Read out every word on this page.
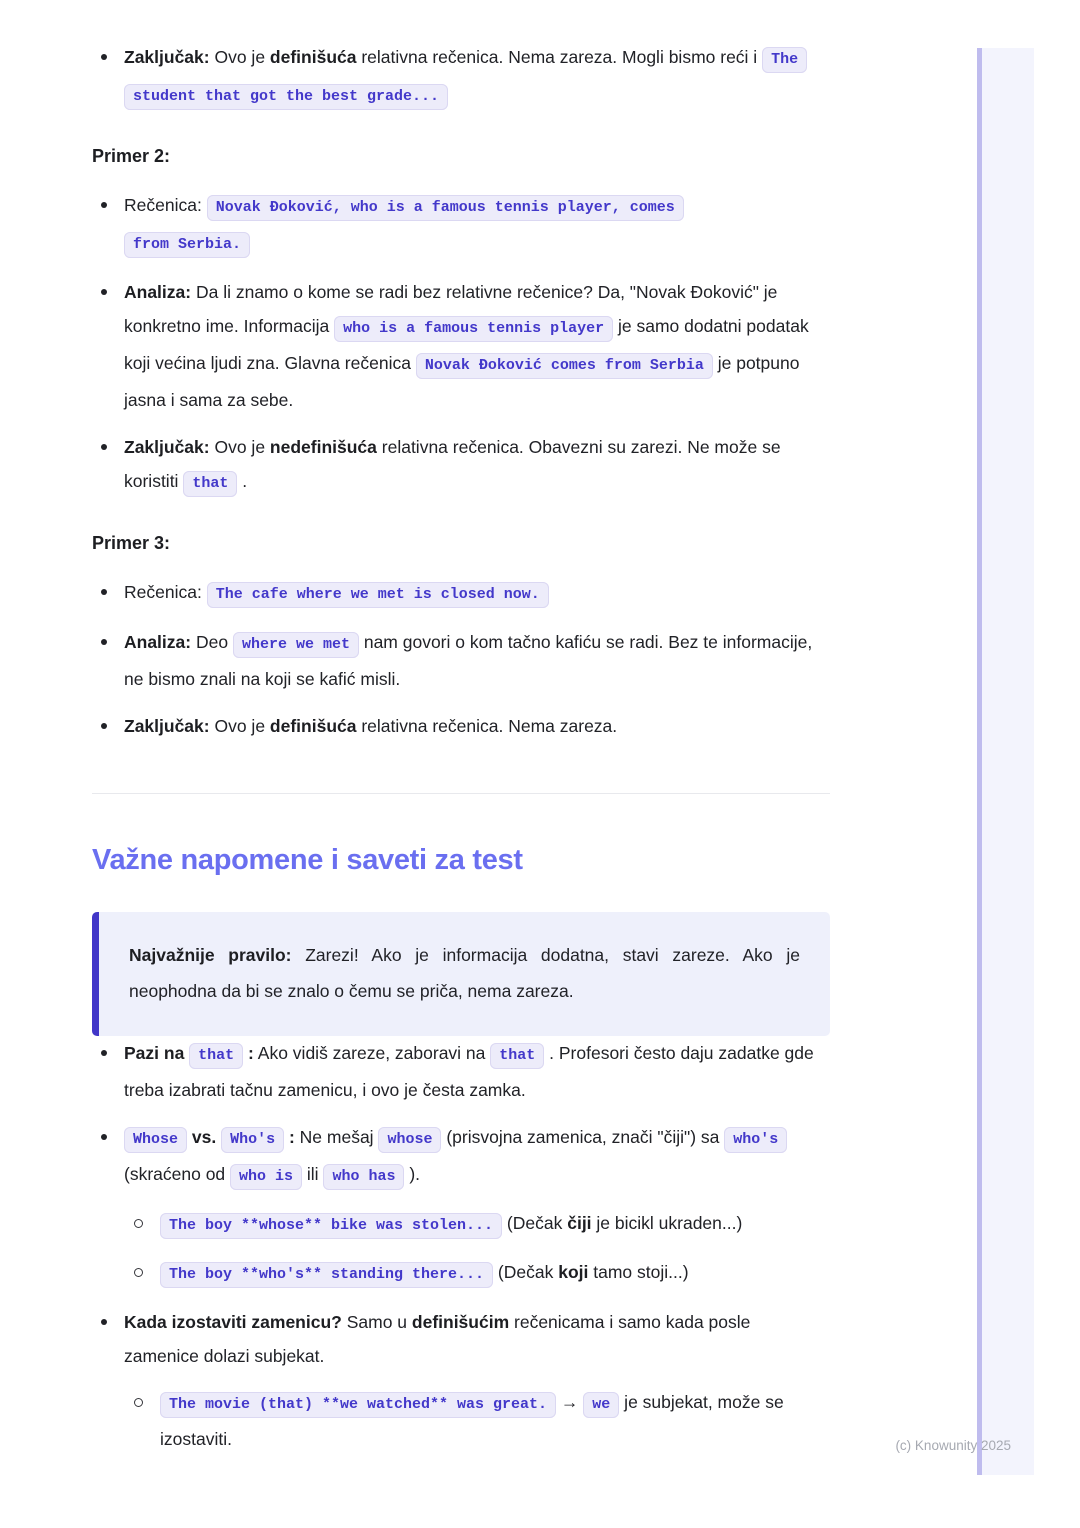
Zaključak: Ovo je definišuća relativna rečenica. Nema zareza. Mogli bismo reći i The student that got the best grade...

Primer 2:

Rečenica: Novak Đoković, who is a famous tennis player, comes
from Serbia.

Analiza: Da li znamo o kome se radi bez relativne rečenice? Da, "Novak Đoković" je konkretno ime. Informacija who is a famous tennis player je samo dodatni podatak koji većina ljudi zna. Glavna rečenica Novak Đoković comes from Serbia je potpuno jasna i sama za sebe.

Zaključak: Ovo je nedefinišuća relativna rečenica. Obavezni su zarezi. Ne može se koristiti that .

Primer 3:

Rečenica: The cafe where we met is closed now.

Analiza: Deo where we met nam govori o kom tačno kafiću se radi. Bez te informacije, ne bismo znali na koji se kafić misli.

Zaključak: Ovo je definišuća relativna rečenica. Nema zareza.

Važne napomene i saveti za test

Najvažnije pravilo: Zarezi! Ako je informacija dodatna, stavi zareze. Ako je neophodna da bi se znalo o čemu se priča, nema zareza.

Pazi na that : Ako vidiš zareze, zaboravi na that . Profesori često daju zadatke gde treba izabrati tačnu zamenicu, i ovo je česta zamka.

Whose vs. Who's : Ne mešaj whose (prisvojna zamenica, znači "čiji") sa who's (skraćeno od who is ili who has ).

The boy **whose** bike was stolen... (Dečak čiji je bicikl ukraden...)

The boy **who's** standing there... (Dečak koji tamo stoji...)

Kada izostaviti zamenicu? Samo u definišućim rečenicama i samo kada posle zamenice dolazi subjekat.

The movie (that) **we watched** was great. → we je subjekat, može se izostaviti.	(c) Knowunity 2025
